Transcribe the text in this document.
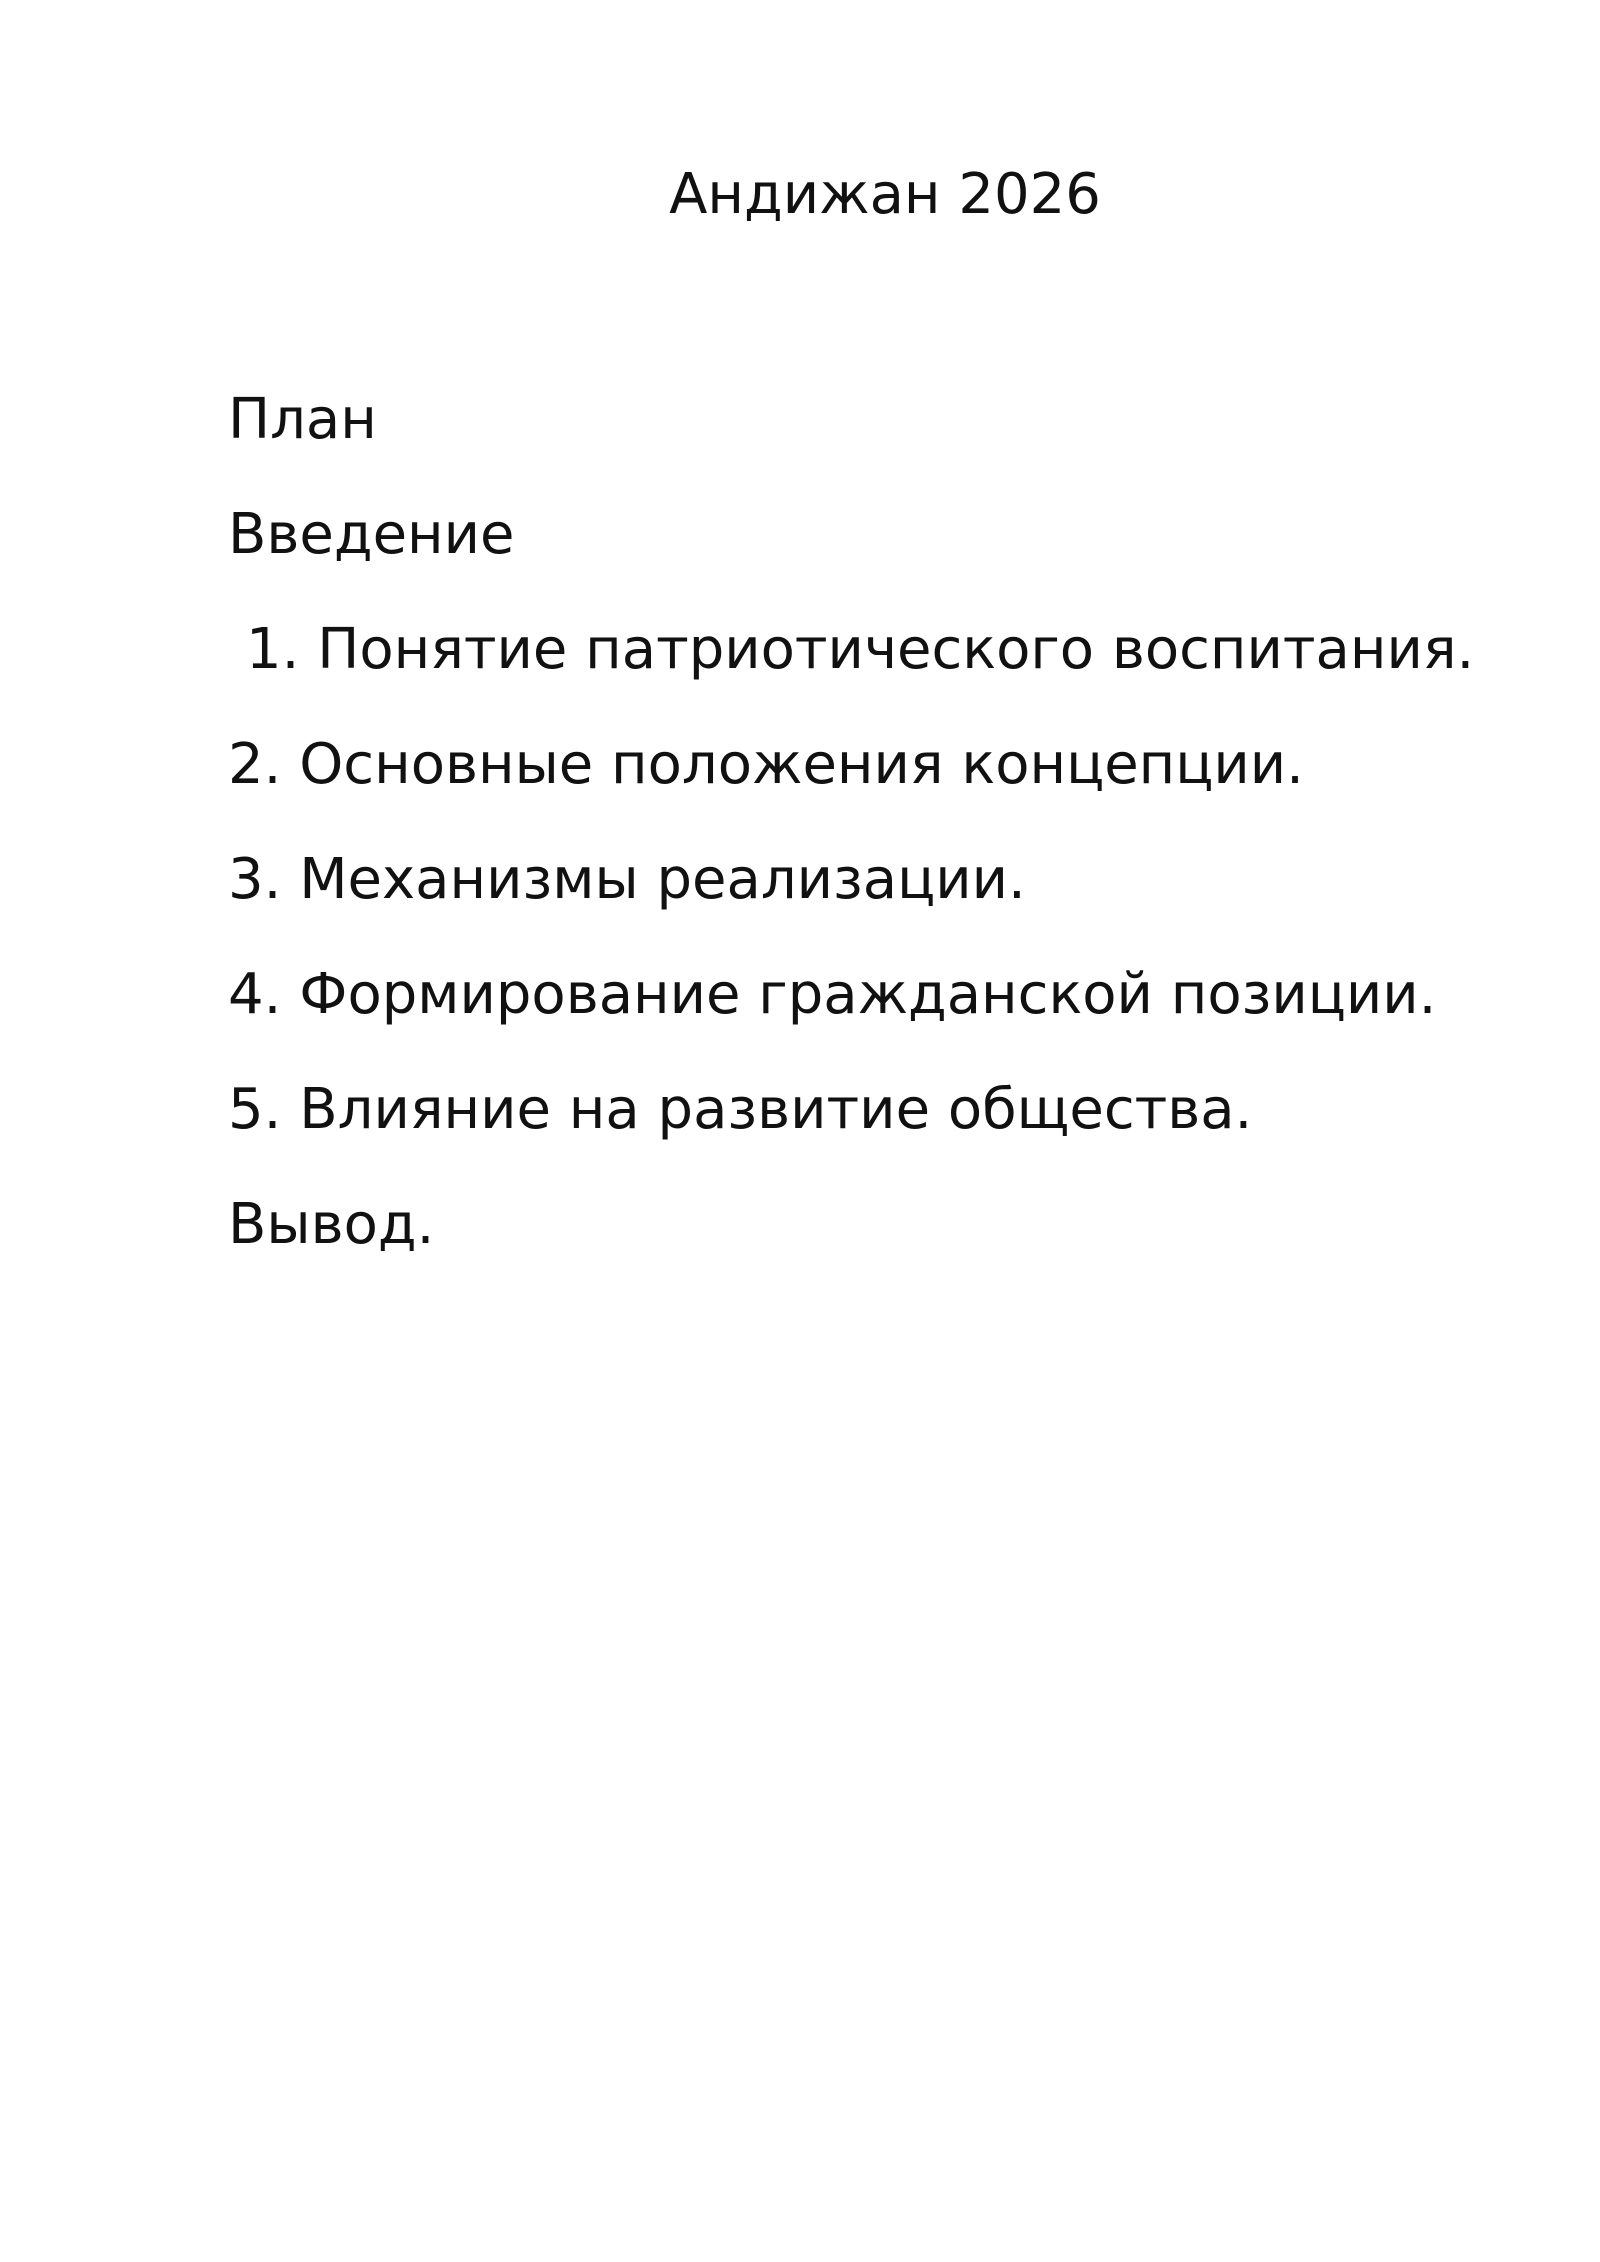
Андижан 2026
План
Введение
1. Понятие патриотического воспитания.
2. Основные положения концепции.
3. Механизмы реализации.
4. Формирование гражданской позиции.
5. Влияние на развитие общества.
Вывод.
